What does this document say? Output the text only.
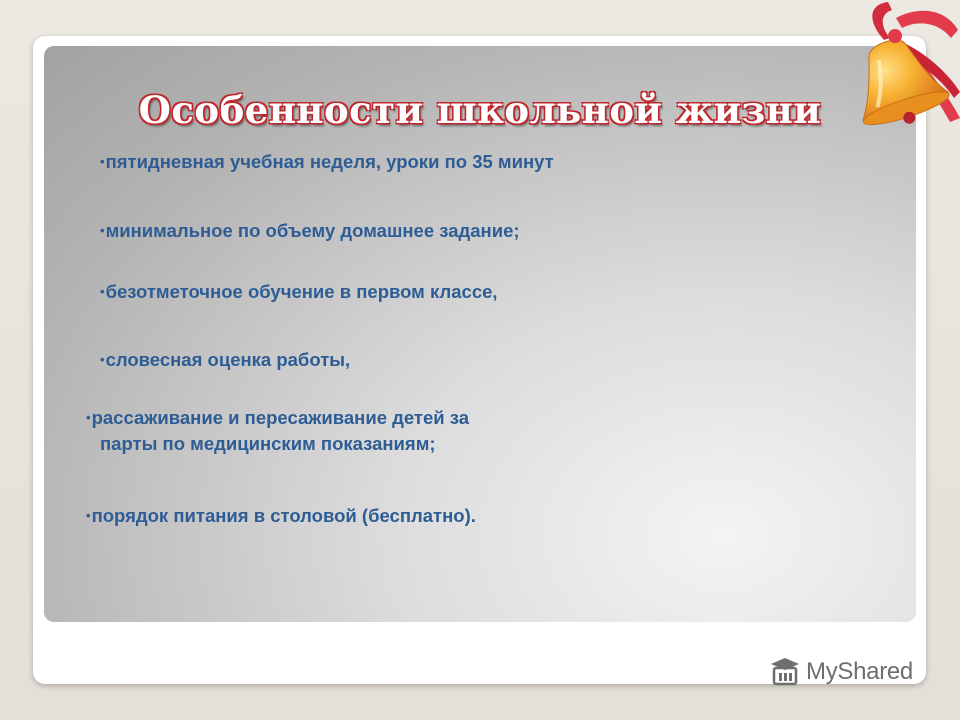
Особенности школьной жизни
•пятидневная учебная неделя, уроки по 35 минут
•минимальное по объему домашнее задание;
•безотметочное обучение в первом классе,
•словесная оценка работы,
•рассаживание и пересаживание детей за
парты по медицинским показаниям;
•порядок питания в столовой (бесплатно).
MyShared
